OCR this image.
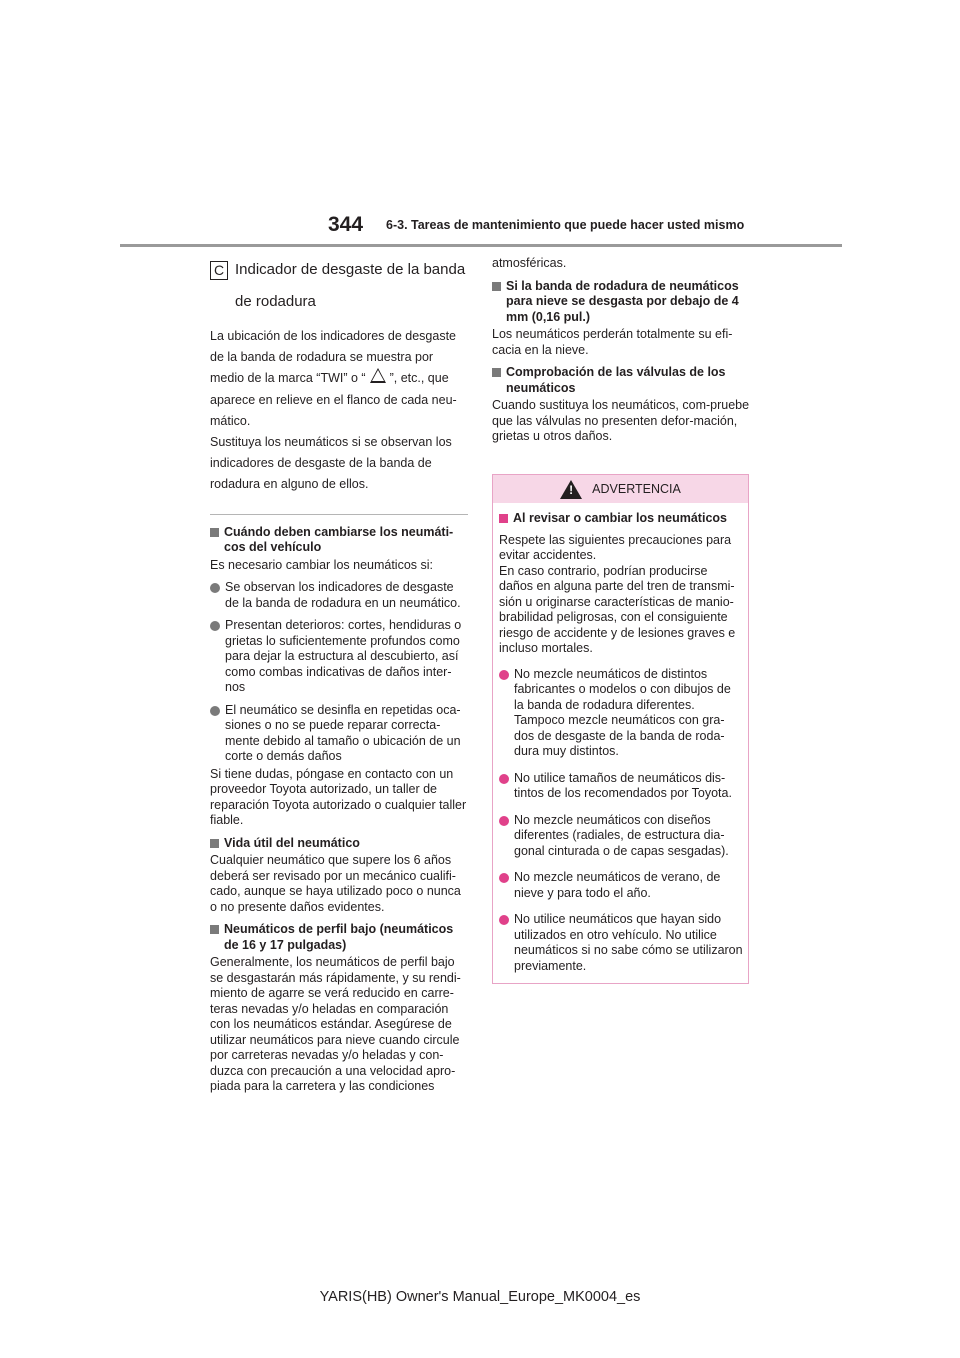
344 6-3. Tareas de mantenimiento que puede hacer usted mismo
C Indicador de desgaste de la banda
de rodadura
La ubicación de los indicadores de desgaste
de la banda de rodadura se muestra por
medio de la marca “TWI” o “ ”, etc., que
aparece en relieve en el flanco de cada neu-
mático.
Sustituya los neumáticos si se observan los
indicadores de desgaste de la banda de
rodadura en alguno de ellos.
Cuándo deben cambiarse los neumáti-cos del vehículo
Es necesario cambiar los neumáticos si:
Se observan los indicadores de desgaste de la banda de rodadura en un neumático.
Presentan deterioros: cortes, hendiduras o grietas lo suficientemente profundos como para dejar la estructura al descubierto, así como combas indicativas de daños inter-nos
El neumático se desinfla en repetidas oca-siones o no se puede reparar correcta-mente debido al tamaño o ubicación de un corte o demás daños
Si tiene dudas, póngase en contacto con un proveedor Toyota autorizado, un taller de reparación Toyota autorizado o cualquier taller fiable.
Vida útil del neumático
Cualquier neumático que supere los 6 años deberá ser revisado por un mecánico cualifi-cado, aunque se haya utilizado poco o nunca o no presente daños evidentes.
Neumáticos de perfil bajo (neumáticos de 16 y 17 pulgadas)
Generalmente, los neumáticos de perfil bajo se desgastarán más rápidamente, y su rendi-miento de agarre se verá reducido en carre-teras nevadas y/o heladas en comparación con los neumáticos estándar. Asegúrese de utilizar neumáticos para nieve cuando circule por carreteras nevadas y/o heladas y con-duzca con precaución a una velocidad apro-piada para la carretera y las condiciones
atmosféricas.
Si la banda de rodadura de neumáticos para nieve se desgasta por debajo de 4 mm (0,16 pul.)
Los neumáticos perderán totalmente su efi-cacia en la nieve.
Comprobación de las válvulas de los neumáticos
Cuando sustituya los neumáticos, com-pruebe que las válvulas no presenten defor-mación, grietas u otros daños.
! ADVERTENCIA
Al revisar o cambiar los neumáticos
Respete las siguientes precauciones para evitar accidentes.
En caso contrario, podrían producirse daños en alguna parte del tren de transmi-sión u originarse características de manio-brabilidad peligrosas, con el consiguiente riesgo de accidente y de lesiones graves e incluso mortales.
No mezcle neumáticos de distintos fabricantes o modelos o con dibujos de la banda de rodadura diferentes. Tampoco mezcle neumáticos con gra-dos de desgaste de la banda de roda-dura muy distintos.
No utilice tamaños de neumáticos dis-tintos de los recomendados por Toyota.
No mezcle neumáticos con diseños diferentes (radiales, de estructura dia-gonal cinturada o de capas sesgadas).
No mezcle neumáticos de verano, de nieve y para todo el año.
No utilice neumáticos que hayan sido utilizados en otro vehículo. No utilice neumáticos si no sabe cómo se utilizaron previamente.
YARIS(HB) Owner's Manual_Europe_MK0004_es
